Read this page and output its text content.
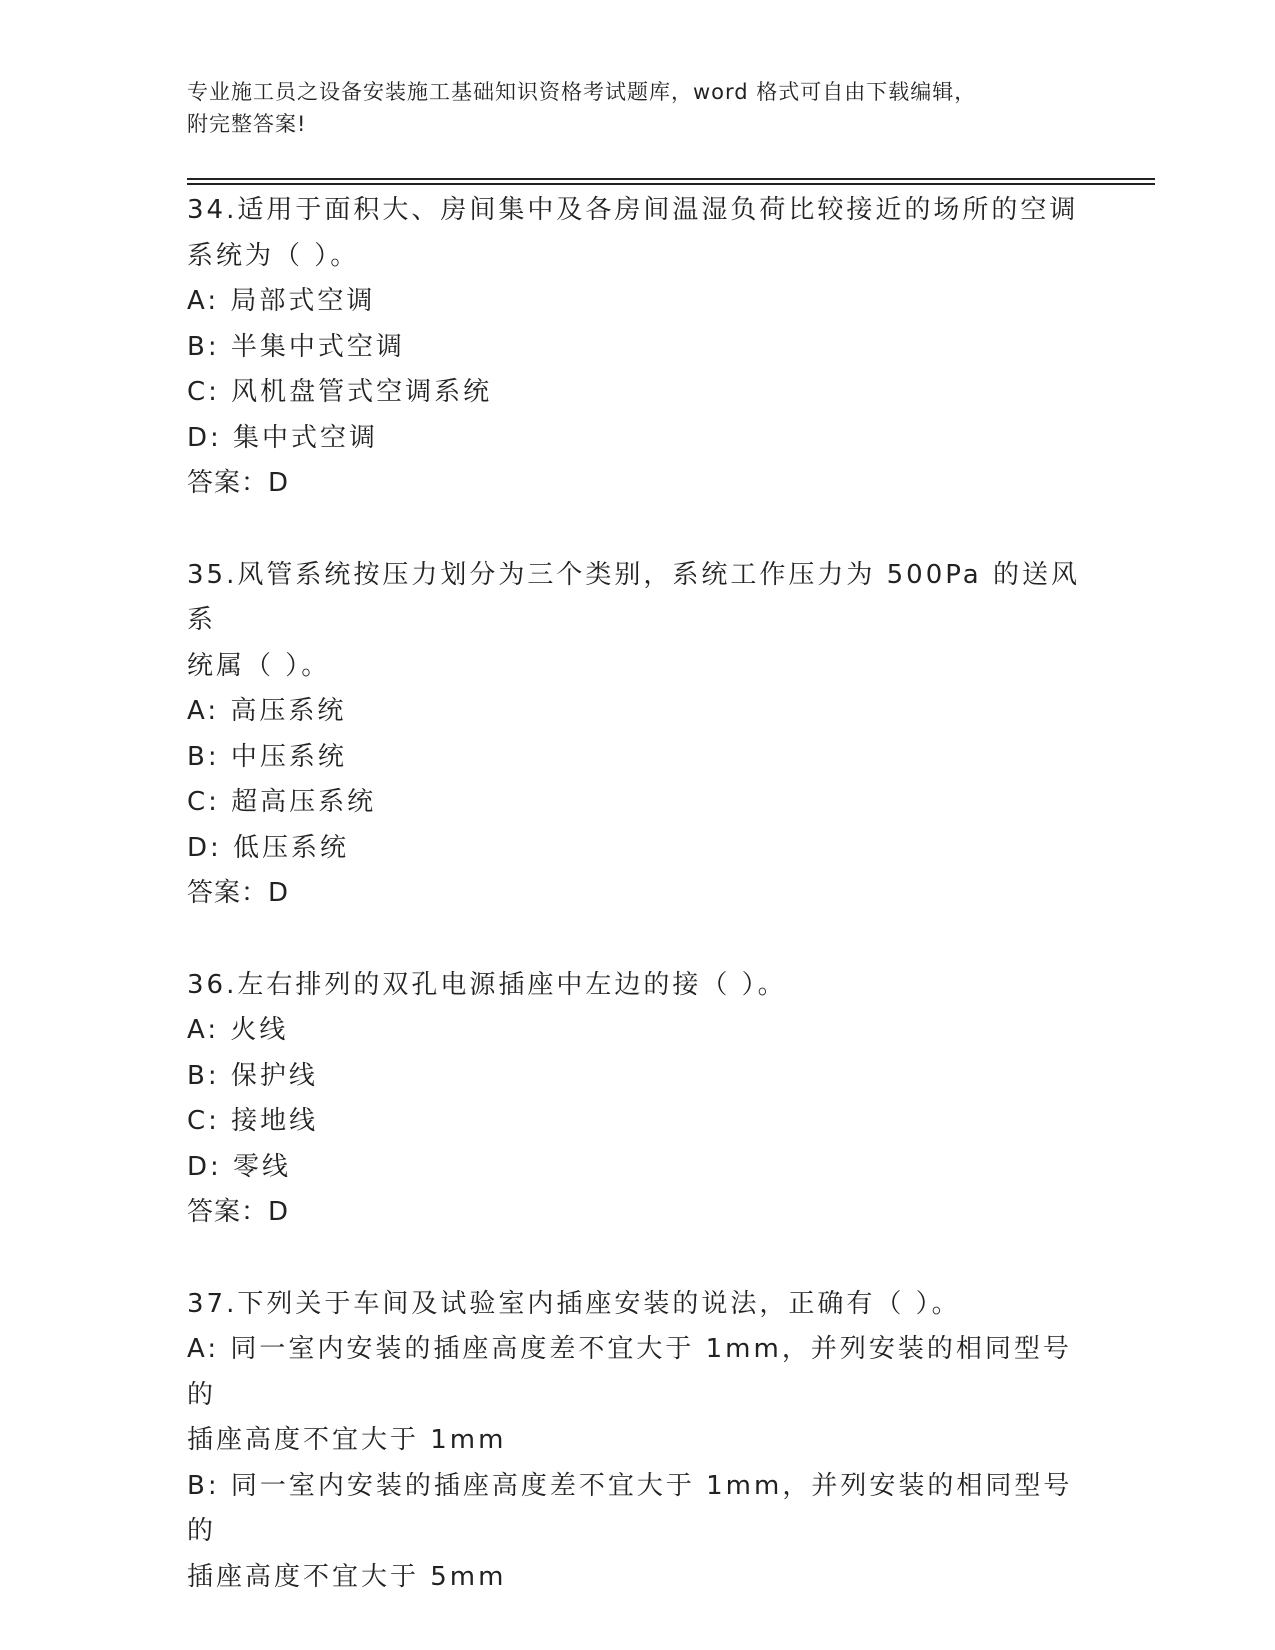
专业施工员之设备安装施工基础知识资格考试题库，word 格式可自由下载编辑，
附完整答案!
34.适用于面积大、房间集中及各房间温湿负荷比较接近的场所的空调
系统为（ ）。
A: 局部式空调
B: 半集中式空调
C: 风机盘管式空调系统
D: 集中式空调
答案：D
35.风管系统按压力划分为三个类别，系统工作压力为 500Pa 的送风系
统属（ ）。
A: 高压系统
B: 中压系统
C: 超高压系统
D: 低压系统
答案：D
36.左右排列的双孔电源插座中左边的接（ ）。
A: 火线
B: 保护线
C: 接地线
D: 零线
答案：D
37.下列关于车间及试验室内插座安装的说法，正确有（ ）。
A: 同一室内安装的插座高度差不宜大于 1mm，并列安装的相同型号的
插座高度不宜大于 1mm
B: 同一室内安装的插座高度差不宜大于 1mm，并列安装的相同型号的
插座高度不宜大于 5mm
